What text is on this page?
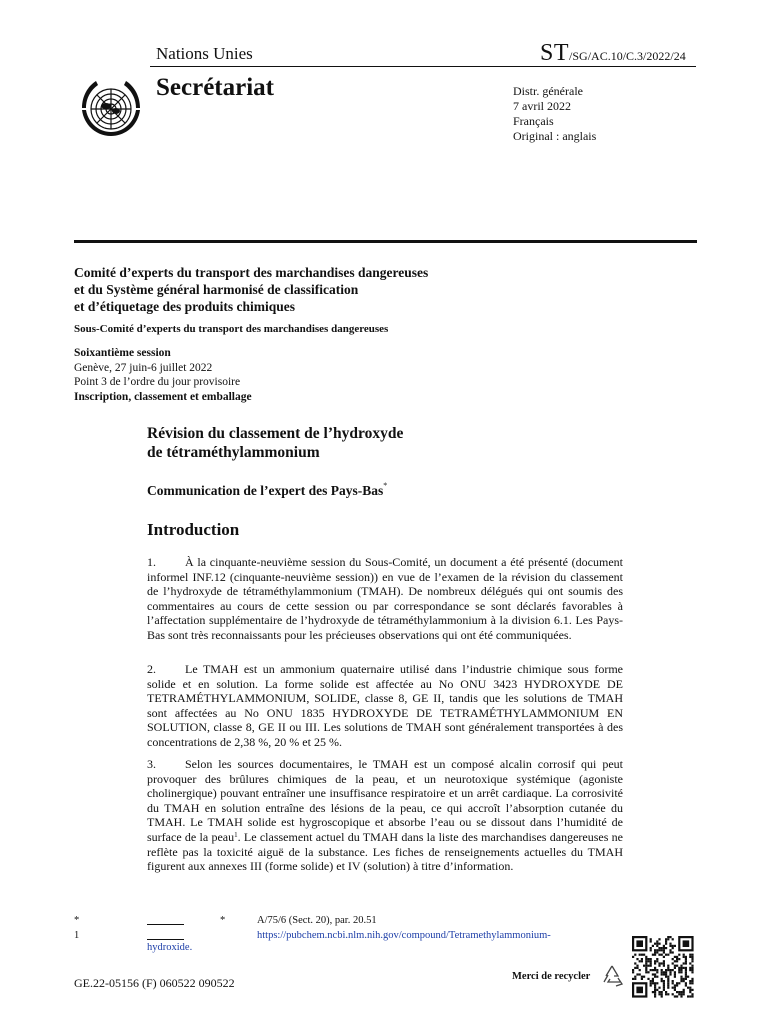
Nations Unies	ST/SG/AC.10/C.3/2022/24
Secrétariat	Distr. générale
7 avril 2022
Français
Original : anglais
Comité d’experts du transport des marchandises dangereuses
et du Système général harmonisé de classification
et d’étiquetage des produits chimiques
Sous-Comité d’experts du transport des marchandises dangereuses
Soixantième session
Genève, 27 juin-6 juillet 2022
Point 3 de l’ordre du jour provisoire
Inscription, classement et emballage
Révision du classement de l’hydroxyde
de tétraméthylammonium
Communication de l’expert des Pays-Bas*
Introduction
1. À la cinquante-neuvième session du Sous-Comité, un document a été présenté (document informel INF.12 (cinquante-neuvième session)) en vue de l’examen de la révision du classement de l’hydroxyde de tétraméthylammonium (TMAH). De nombreux délégués qui ont soumis des commentaires au cours de cette session ou par correspondance se sont déclarés favorables à l’affectation supplémentaire de l’hydroxyde de tétraméthylammonium à la division 6.1. Les Pays-Bas sont très reconnaissants pour les précieuses observations qui ont été communiquées.
2. Le TMAH est un ammonium quaternaire utilisé dans l’industrie chimique sous forme solide et en solution. La forme solide est affectée au No ONU 3423 HYDROXYDE DE TETRAMÉTHYLAMMONIUM, SOLIDE, classe 8, GE II, tandis que les solutions de TMAH sont affectées au No ONU 1835 HYDROXYDE DE TETRAMÉTHYLAMMONIUM EN SOLUTION, classe 8, GE II ou III. Les solutions de TMAH sont généralement transportées à des concentrations de 2,38 %, 20 % et 25 %.
3. Selon les sources documentaires, le TMAH est un composé alcalin corrosif qui peut provoquer des brûlures chimiques de la peau, et un neurotoxique systémique (agoniste cholinergique) pouvant entraîner une insuffisance respiratoire et un arrêt cardiaque. La corrosivité du TMAH en solution entraîne des lésions de la peau, ce qui accroît l’absorption cutanée du TMAH. Le TMAH solide est hygroscopique et absorbe l’eau ou se dissout dans l’humidité de surface de la peau$^1$. Le classement actuel du TMAH dans la liste des marchandises dangereuses ne reflète pas la toxicité aiguë de la substance. Les fiches de renseignements actuelles du TMAH figurent aux annexes III (forme solide) et IV (solution) à titre d’information.
*
1
*	A/75/6 (Sect. 20), par. 20.51
https://pubchem.ncbi.nlm.nih.gov/compound/Tetramethylammonium-
hydroxide.
GE.22-05156 (F) 060522 090522	Merci de recycler
